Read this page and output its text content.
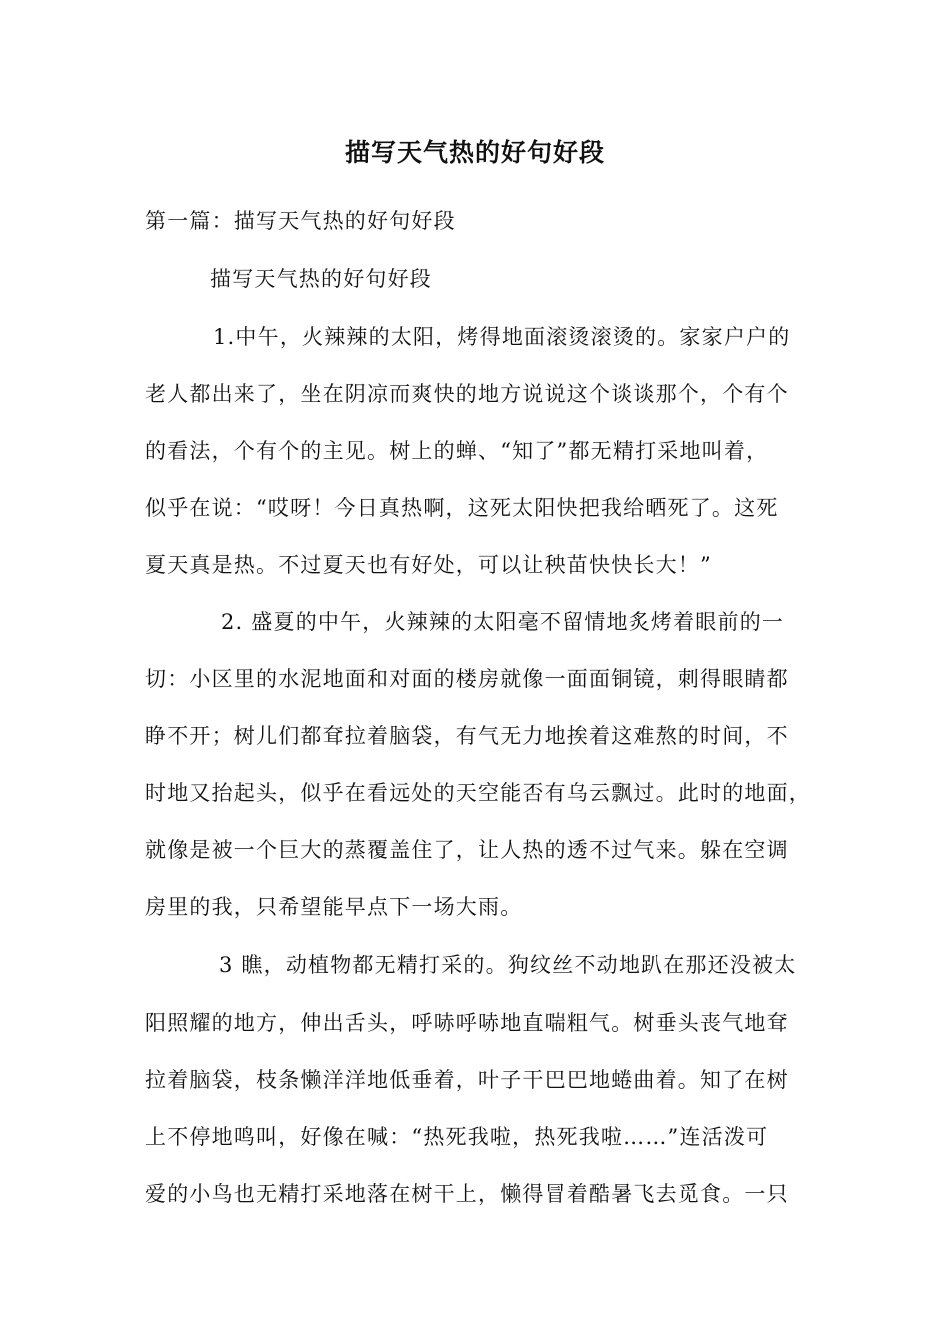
描写天气热的好句好段
第一篇：描写天气热的好句好段
描写天气热的好句好段
1.中午，火辣辣的太阳，烤得地面滚烫滚烫的。家家户户的
老人都出来了，坐在阴凉而爽快的地方说说这个谈谈那个，个有个
的看法，个有个的主见。树上的蝉、“知了”都无精打采地叫着，
似乎在说：“哎呀！今日真热啊，这死太阳快把我给晒死了。这死
夏天真是热。不过夏天也有好处，可以让秧苗快快长大！”
2. 盛夏的中午，火辣辣的太阳毫不留情地炙烤着眼前的一
切：小区里的水泥地面和对面的楼房就像一面面铜镜，刺得眼睛都
睁不开；树儿们都耷拉着脑袋，有气无力地挨着这难熬的时间，不
时地又抬起头，似乎在看远处的天空能否有乌云飘过。此时的地面，
就像是被一个巨大的蒸覆盖住了，让人热的透不过气来。躲在空调
房里的我，只希望能早点下一场大雨。
3 瞧，动植物都无精打采的。狗纹丝不动地趴在那还没被太
阳照耀的地方，伸出舌头，呼哧呼哧地直喘粗气。树垂头丧气地耷
拉着脑袋，枝条懒洋洋地低垂着，叶子干巴巴地蜷曲着。知了在树
上不停地鸣叫，好像在喊：“热死我啦，热死我啦……”连活泼可
爱的小鸟也无精打采地落在树干上，懒得冒着酷暑飞去觅食。一只
